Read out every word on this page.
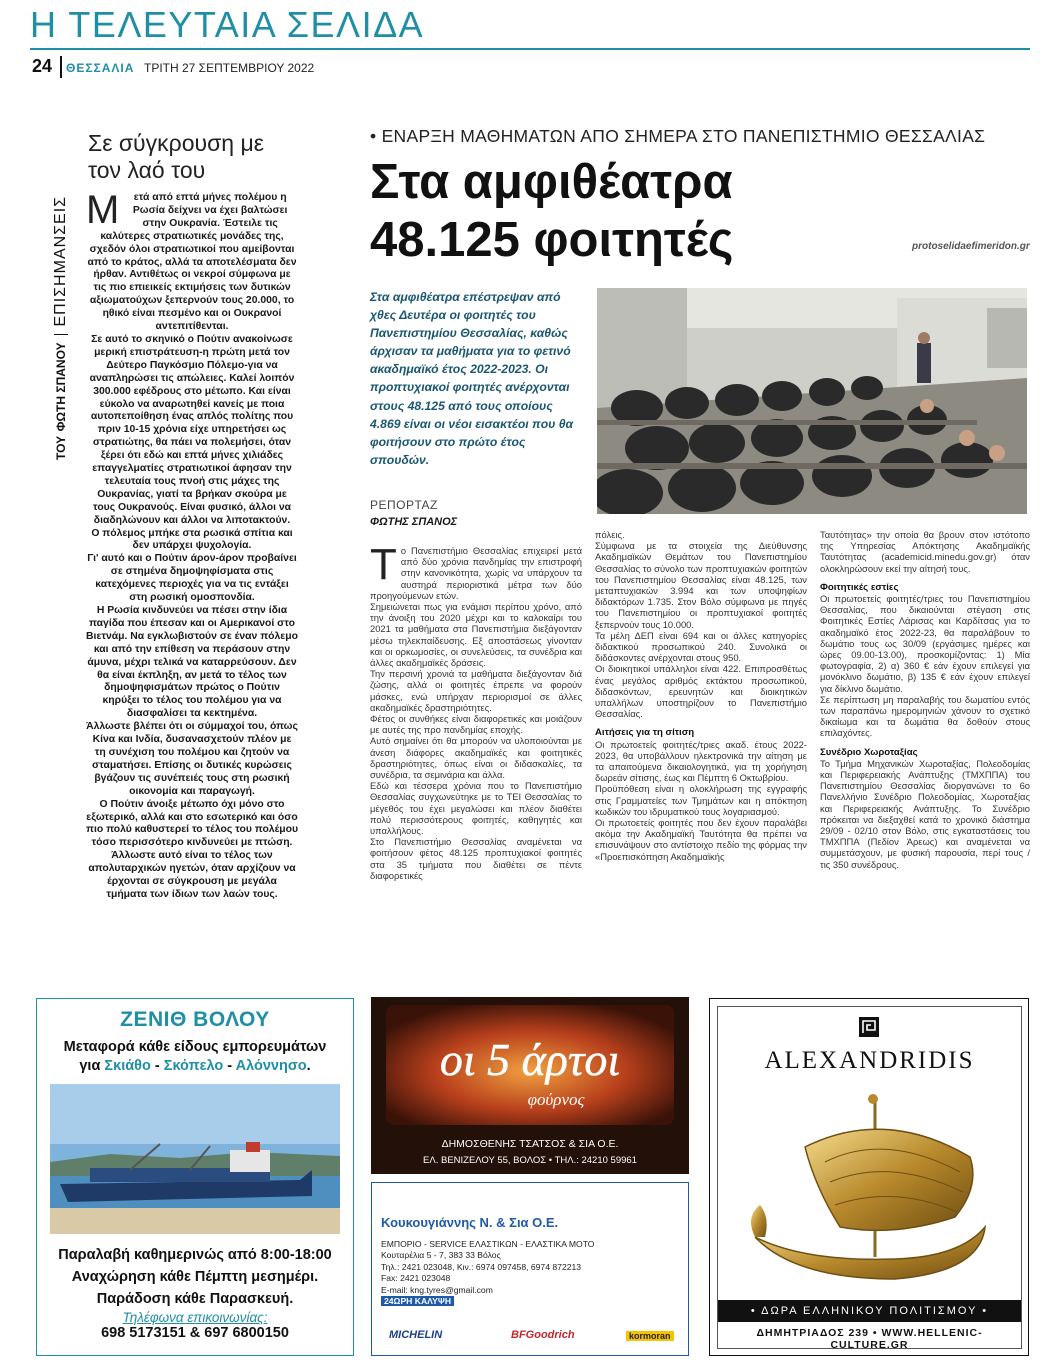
Η ΤΕΛΕΥΤΑΙΑ ΣΕΛΙΔΑ
24 ΘΕΣΣΑΛΙΑ ΤΡΙΤΗ 27 ΣΕΠΤΕΜΒΡΙΟΥ 2022
Σε σύγκρουση με τον λαό του
ΤΟΥ ΦΩΤΗ ΣΠΑΝΟΥ  ΕΠΙΣΗΜΑΝΣΕΙΣ Μ ετά από επτά μήνες πολέμου η Ρωσία δείχνει να έχει βαλτώσει στην Ουκρανία. Έστειλε τις καλύτερες στρατιωτικές μονάδες της, σχεδόν όλοι στρατιωτικοί που αμείβονται από το κράτος, αλλά τα αποτελέσματα δεν ήρθαν. Αντιθέτως οι νεκροί σύμφωνα με τις πιο επιεικείς εκτιμήσεις των δυτικών αξιωματούχων ξεπερνούν τους 20.000, το ηθικό είναι πεσμένο και οι Ουκρανοί αντεπιτίθενται.

Σε αυτό το σκηνικό ο Πούτιν ανακοίνωσε μερική επιστράτευση-η πρώτη μετά τον Δεύτερο Παγκόσμιο Πόλεμο-για να αναπληρώσει τις απώλειες. Καλεί λοιπόν 300.000 εφέδρους στο μέτωπο. Και είναι εύκολο να αναρωτηθεί κανείς με ποια αυτοπεποίθηση ένας απλός πολίτης που πριν 10-15 χρόνια είχε υπηρετήσει ως στρατιώτης, θα πάει να πολεμήσει, όταν ξέρει ότι εδώ και επτά μήνες χιλιάδες επαγγελματίες στρατιωτικοί άφησαν την τελευταία τους πνοή στις μάχες της Ουκρανίας, γιατί τα βρήκαν σκούρα με τους Ουκρανούς. Είναι φυσικό, άλλοι να διαδηλώνουν και άλλοι να λιποτακτούν.

Ο πόλεμος μπήκε στα ρωσικά σπίτια και δεν υπάρχει ψυχολογία.

Γι' αυτό και ο Πούτιν άρον-άρον προβαίνει σε στημένα δημοψηφίσματα στις κατεχόμενες περιοχές για να τις εντάξει στη ρωσική ομοσπονδία.

Η Ρωσία κινδυνεύει να πέσει στην ίδια παγίδα που έπεσαν και οι Αμερικανοί στο Βιετνάμ. Να εγκλωβιστούν σε έναν πόλεμο και από την επίθεση να περάσουν στην άμυνα, μέχρι τελικά να καταρρεύσουν. Δεν θα είναι έκπληξη, αν μετά το τέλος των δημοψηφισμάτων πρώτος ο Πούτιν κηρύξει το τέλος του πολέμου για να διασφαλίσει τα κεκτημένα.

Άλλωστε βλέπει ότι οι σύμμαχοί του, όπως Κίνα και Ινδία, δυσανασχετούν πλέον με τη συνέχιση του πολέμου και ζητούν να σταματήσει. Επίσης οι δυτικές κυρώσεις βγάζουν τις συνέπειές τους στη ρωσική οικονομία και παραγωγή.

Ο Πούτιν άνοιξε μέτωπο όχι μόνο στο εξωτερικό, αλλά και στο εσωτερικό και όσο πιο πολύ καθυστερεί το τέλος του πολέμου τόσο περισσότερο κινδυνεύει με πτώση.

Άλλωστε αυτό είναι το τέλος των απολυταρχικών ηγετών, όταν αρχίζουν να έρχονται σε σύγκρουση με μεγάλα τμήματα των ίδιων των λαών τους.

• ΕΝΑΡΞΗ ΜΑΘΗΜΑΤΩΝ ΑΠΟ ΣΗΜΕΡΑ ΣΤΟ ΠΑΝΕΠΙΣΤΗΜΙΟ ΘΕΣΣΑΛΙΑΣ
Στα αμφιθέατρα
48.125 φοιτητές	protoselidaefimeridon.gr
Στα αμφιθέατρα επέστρεψαν από χθες Δευτέρα οι φοιτητές του Πανεπιστημίου Θεσσαλίας, καθώς άρχισαν τα μαθήματα για το φετινό ακαδημαϊκό έτος 2022-2023. Οι προπτυχιακοί φοιτητές ανέρχονται στους 48.125 από τους οποίους 4.869 είναι οι νέοι εισακτέοι που θα φοιτήσουν στο πρώτο έτος σπουδών.
ΡΕΠΟΡΤΑΖ
ΦΩΤΗΣ ΣΠΑΝΟΣ

Το Πανεπιστήμιο Θεσσαλίας επιχειρεί μετά από δύο χρόνια πανδημίας την επιστροφή στην κανονικότητα, χωρίς να υπάρχουν τα αυστηρά περιοριστικά μέτρα των δύο προηγούμενων ετών.

Σημειώνεται πως για ενάμισι περίπου χρόνο, από την άνοιξη του 2020 μέχρι και το καλοκαίρι του 2021 τα μαθήματα στα Πανεπιστήμια διεξάγονταν μέσω τηλεκπαίδευσης. Εξ αποστάσεως γίνονταν και οι ορκωμοσίες, οι συνελεύσεις, τα συνέδρια και άλλες ακαδημαϊκές δράσεις.

Την περσινή χρονιά τα μαθήματα διεξάγονταν διά ζώσης, αλλά οι φοιτητές έπρεπε να φορούν μάσκες, ενώ υπήρχαν περιορισμοί σε άλλες ακαδημαϊκές δραστηριότητες.

Φέτος οι συνθήκες είναι διαφορετικές και μοιάζουν με αυτές της προ πανδημίας εποχής.

Αυτό σημαίνει ότι θα μπορούν να υλοποιούνται με άνεση διάφορες ακαδημαϊκές και φοιτητικές δραστηριότητες, όπως είναι οι διδασκαλίες, τα συνέδρια, τα σεμινάρια και άλλα.

Εδώ και τέσσερα χρόνια που το Πανεπιστήμιο Θεσσαλίας συγχωνεύτηκε με το ΤΕΙ Θεσσαλίας το μέγεθός του έχει μεγαλώσει και πλέον διαθέτει πολύ περισσότερους φοιτητές, καθηγητές και υπαλλήλους.

Στο Πανεπιστήμιο Θεσσαλίας αναμένεται να φοιτήσουν φέτος 48.125 προπτυχιακοί φοιτητές στα 35 τμήματα που διαθέτει σε πέντε διαφορετικές

πόλεις.

Σύμφωνα με τα στοιχεία της Διεύθυνσης Ακαδημαϊκών Θεμάτων του Πανεπιστημίου Θεσσαλίας το σύνολο των προπτυχιακών φοιτητών του Πανεπιστημίου Θεσσαλίας είναι 48.125, των μεταπτυχιακών 3.994 και των υποψηφίων διδακτόρων 1.735. Στον Βόλο σύμφωνα με πηγές του Πανεπιστημίου οι προπτυχιακοί φοιτητές ξεπερνούν τους 10.000.

Τα μέλη ΔΕΠ είναι 694 και οι άλλες κατηγορίες διδακτικού προσωπικού 240. Συνολικά οι διδάσκοντες ανέρχονται στους 950.

Οι διοικητικοί υπάλληλοι είναι 422. Επιπροσθέτως ένας μεγάλος αριθμός εκτάκτου προσωπικού, διδασκόντων, ερευνητών και διοικητικών υπαλλήλων υποστηρίζουν το Πανεπιστήμιο Θεσσαλίας.

Αιτήσεις για τη σίτιση

Οι πρωτοετείς φοιτητές/τριες ακαδ. έτους 2022-2023, θα υποβάλλουν ηλεκτρονικά την αίτηση με τα απαιτούμενα δικαιολογητικά, για τη χορήγηση δωρεάν σίτισης, έως και Πέμπτη 6 Οκτωβρίου.

Προϋπόθεση είναι η ολοκλήρωση της εγγραφής στις Γραμματείες των Τμημάτων και η απόκτηση κωδικών του ιδρυματικού τους λογαριασμού.

Οι πρωτοετείς φοιτητές που δεν έχουν παραλάβει ακόμα την Ακαδημαϊκή Ταυτότητα θα πρέπει να επισυνάψουν στο αντίστοιχο πεδίο της φόρμας την «Προεπισκόπηση Ακαδημαϊκής

Ταυτότητας» την οποία θα βρουν στον ιστότοπο της Υπηρεσίας Απόκτησης Ακαδημαϊκής Ταυτότητας (academicid.minedu.gov.gr) όταν ολοκληρώσουν εκεί την αίτησή τους.

Φοιτητικές εστίες

Οι πρωτοετείς φοιτητές/τριες του Πανεπιστημίου Θεσσαλίας, που δικαιούνται στέγαση στις Φοιτητικές Εστίες Λάρισας και Καρδίτσας για το ακαδημαϊκό έτος 2022-23, θα παραλάβουν το δωμάτιο τους ως 30/09 (εργάσιμες ημέρες και ώρες 09.00-13.00), προσκομίζοντας: 1) Μία φωτογραφία, 2) α) 360 € εάν έχουν επιλεγεί για μονόκλινο δωμάτιο, β) 135 € εάν έχουν επιλεγεί για δίκλινο δωμάτιο.

Σε περίπτωση μη παραλαβής του δωματίου εντός των παραπάνω ημερομηνιών χάνουν το σχετικό δικαίωμα και τα δωμάτια θα δοθούν στους επιλαχόντες.

Συνέδριο Χωροταξίας

Το Τμήμα Μηχανικών Χωροταξίας, Πολεοδομίας και Περιφερειακής Ανάπτυξης (ΤΜΧΠΠΑ) του Πανεπιστημίου Θεσσαλίας διοργανώνει το 6ο Πανελλήνιο Συνέδριο Πολεοδομίας, Χωροταξίας και Περιφερειακής Ανάπτυξης. Το Συνέδριο πρόκειται να διεξαχθεί κατά το χρονικό διάστημα 29/09 - 02/10 στον Βόλο, στις εγκαταστάσεις του ΤΜΧΠΠΑ (Πεδίον Άρεως) και αναμένεται να συμμετάσχουν, με φυσική παρουσία, περί τους / τις 350 συνέδρους.

ΖΕΝΙΘ ΒΟΛΟΥ
Μεταφορά κάθε είδους εμπορευμάτων
για Σκιάθο - Σκόπελο - Αλόννησο.
Παραλαβή καθημερινώς από 8:00-18:00
Αναχώρηση κάθε Πέμπτη μεσημέρι.
Παράδοση κάθε Παρασκευή.
Τηλέφωνα επικοινωνίας:
698 5173151 & 697 6800150
οι 5 άρτοι
φούρνος
ΔΗΜΟΣΘΕΝΗΣ ΤΣΑΤΣΟΣ & ΣΙΑ Ο.Ε.
ΕΛ. ΒΕΝΙΖΕΛΟΥ 55, ΒΟΛΟΣ • ΤΗΛ.: 24210 59961
Κουκουγιάννης Ν. & Σια Ο.Ε.
ΕΜΠΟΡΙΟ - SERVICE ΕΛΑΣΤΙΚΩΝ - ΕΛΑΣΤΙΚΑ ΜΟΤΟ
Κουταρέλια 5 - 7, 383 33 Βόλος
Τηλ.: 2421 023048, Κιν.: 6974 097458, 6974 872213
Fax: 2421 023048
E-mail: kng.tyres@gmail.com
24ΩΡΗ ΚΑΛΥΨΗ
MICHELIN	BFGoodrich	kormoran
ALEXANDRIDIS
• ΔΩΡΑ ΕΛΛΗΝΙΚΟΥ ΠΟΛΙΤΙΣΜΟΥ •
ΔΗΜΗΤΡΙΑΔΟΣ 239 • WWW.HELLENIC-CULTURE.GR
